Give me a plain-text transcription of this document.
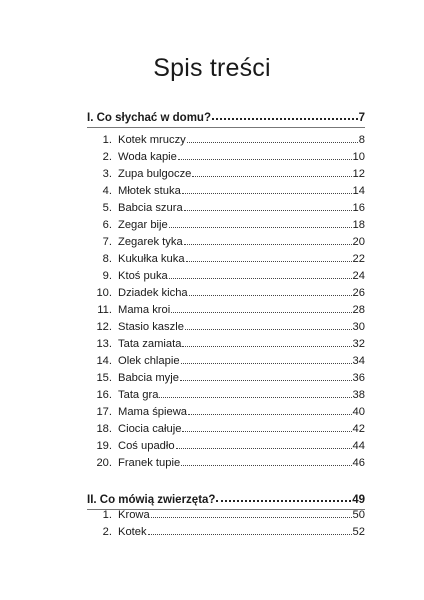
Spis treści
I. Co słychać w domu?	7
1. Kotek mruczy	8
2. Woda kapie	10
3. Zupa bulgocze	12
4. Młotek stuka	14
5. Babcia szura	16
6. Zegar bije	18
7. Zegarek tyka	20
8. Kukułka kuka	22
9. Ktoś puka	24
10. Dziadek kicha	26
11. Mama kroi	28
12. Stasio kaszle	30
13. Tata zamiata	32
14. Olek chlapie	34
15. Babcia myje	36
16. Tata gra	38
17. Mama śpiewa	40
18. Ciocia całuje	42
19. Coś upadło	44
20. Franek tupie	46
II. Co mówią zwierzęta?	49
1. Krowa	50
2. Kotek	52
